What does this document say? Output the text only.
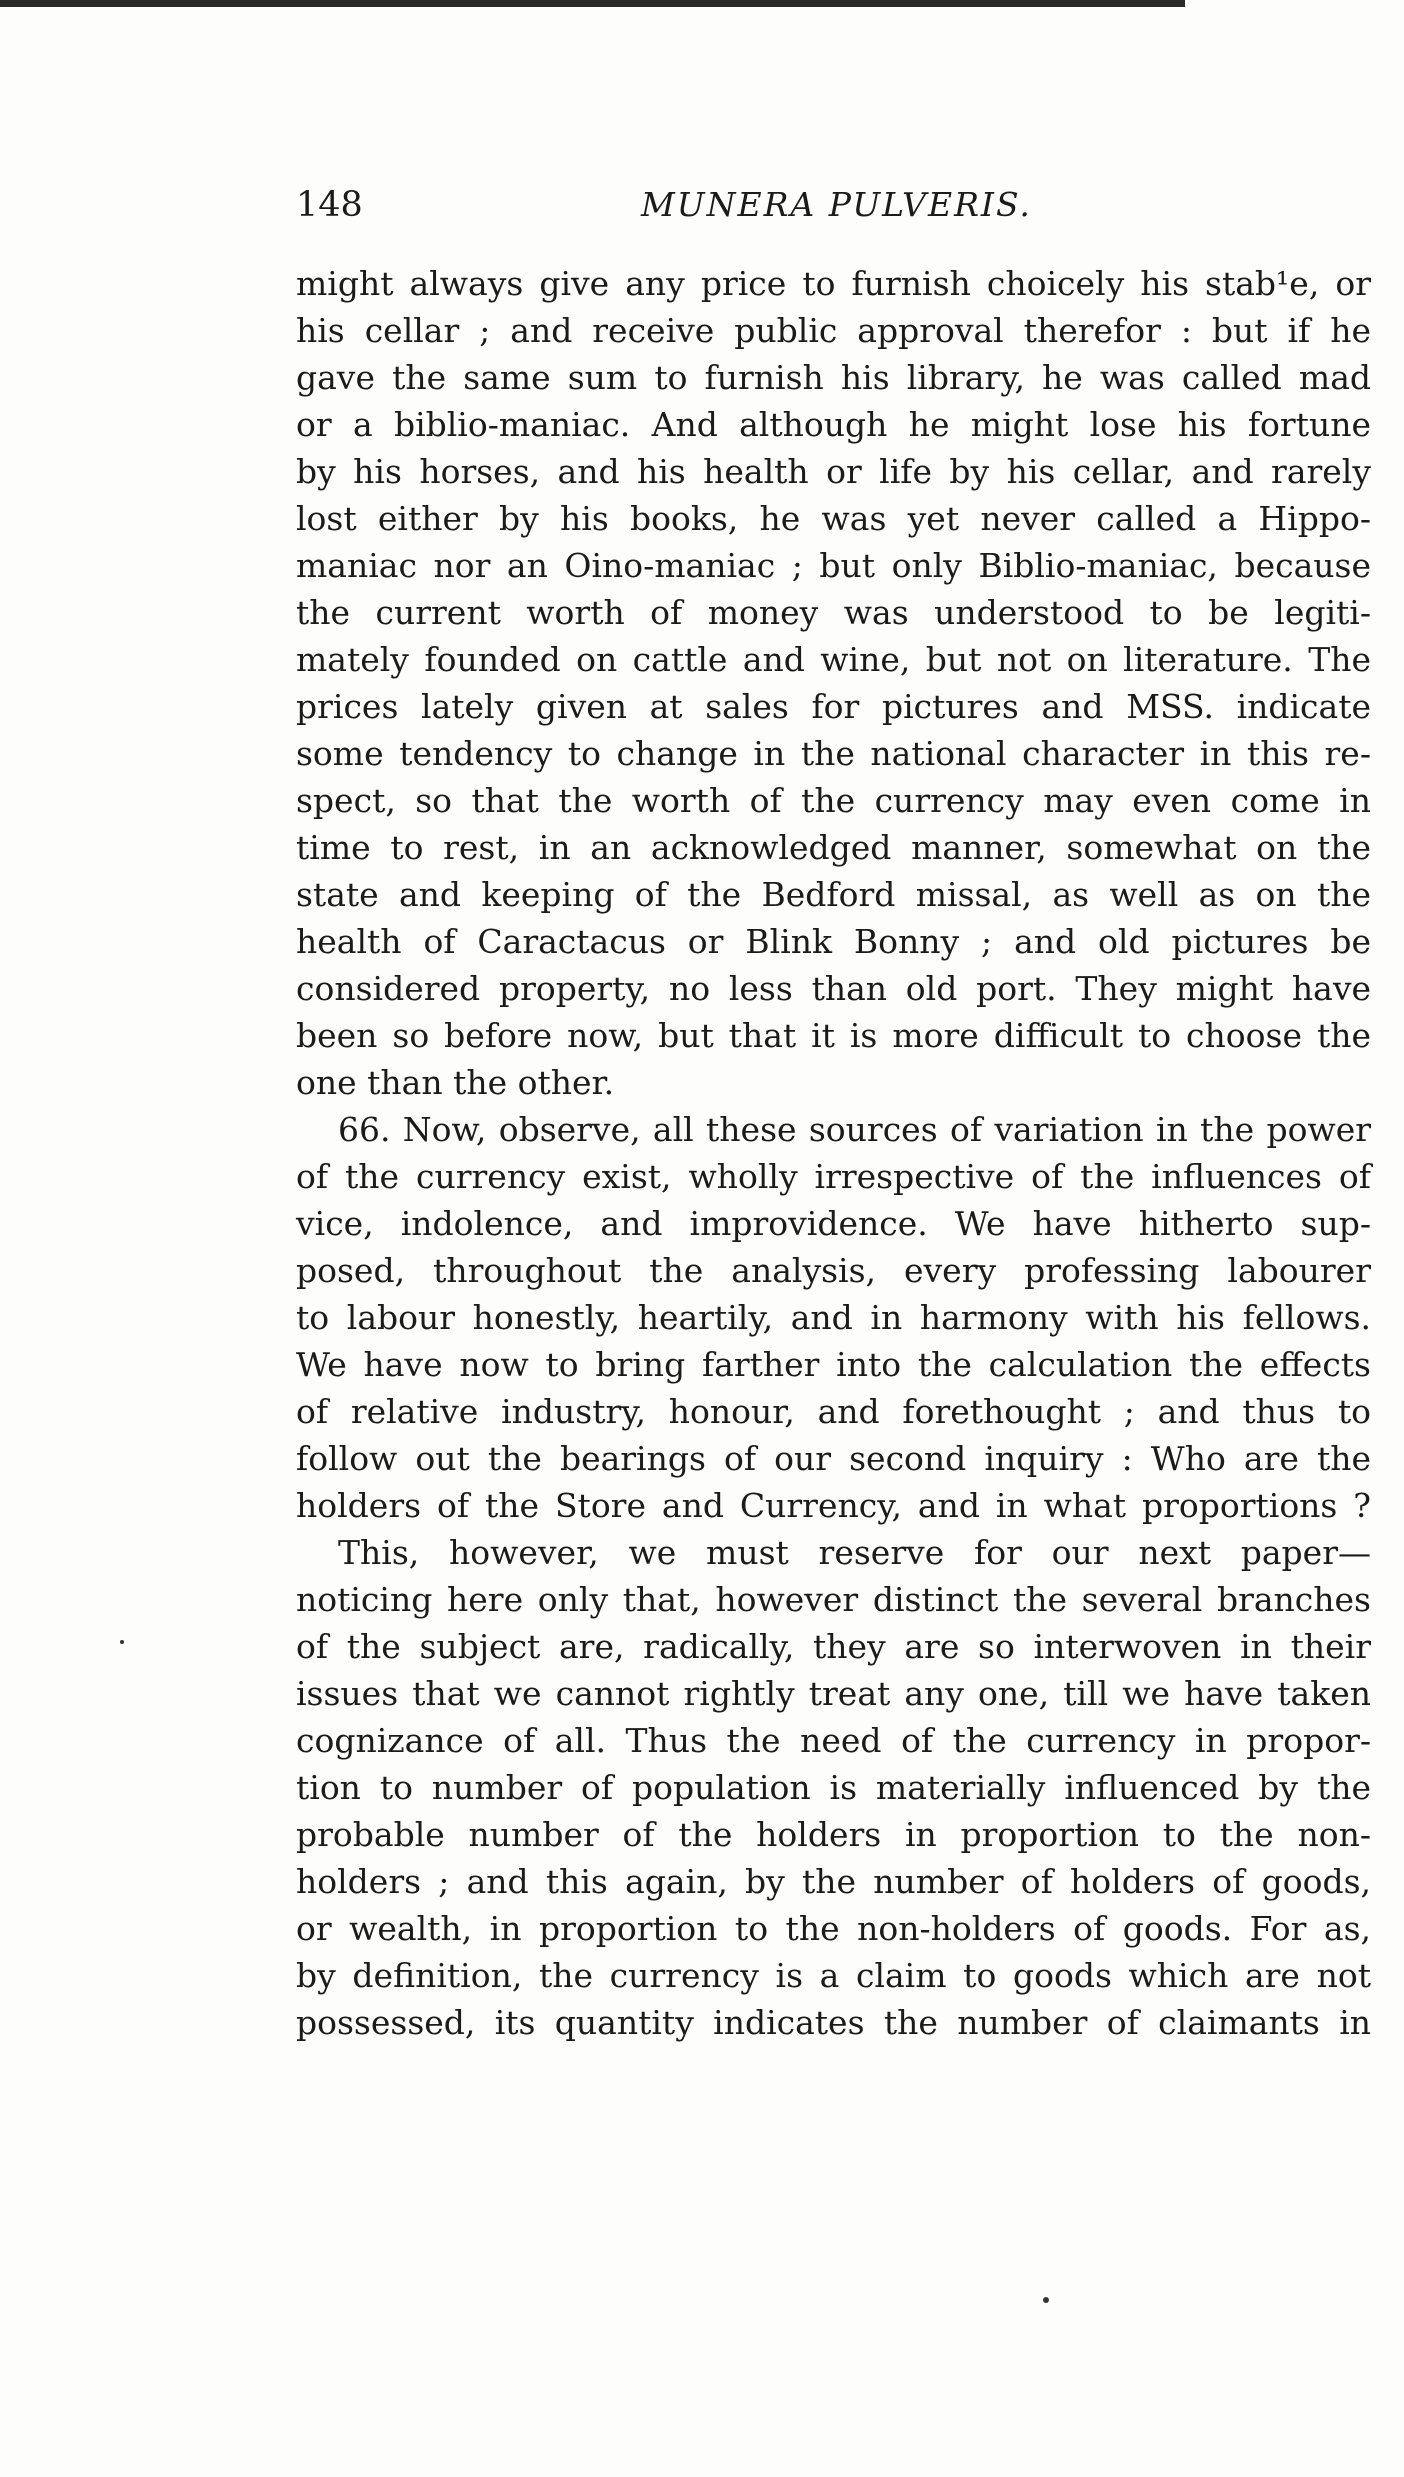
148	MUNERA PULVERIS.
might always give any price to furnish choicely his stab¹e, or
his cellar ; and receive public approval therefor : but if he
gave the same sum to furnish his library, he was called mad
or a biblio-maniac. And although he might lose his fortune
by his horses, and his health or life by his cellar, and rarely
lost either by his books, he was yet never called a Hippo-
maniac nor an Oino-maniac ; but only Biblio-maniac, because
the current worth of money was understood to be legiti-
mately founded on cattle and wine, but not on literature. The
prices lately given at sales for pictures and MSS. indicate
some tendency to change in the national character in this re-
spect, so that the worth of the currency may even come in
time to rest, in an acknowledged manner, somewhat on the
state and keeping of the Bedford missal, as well as on the
health of Caractacus or Blink Bonny ; and old pictures be
considered property, no less than old port. They might have
been so before now, but that it is more difficult to choose the
one than the other.
66. Now, observe, all these sources of variation in the power
of the currency exist, wholly irrespective of the influences of
vice, indolence, and improvidence. We have hitherto sup-
posed, throughout the analysis, every professing labourer
to labour honestly, heartily, and in harmony with his fellows.
We have now to bring farther into the calculation the effects
of relative industry, honour, and forethought ; and thus to
follow out the bearings of our second inquiry : Who are the
holders of the Store and Currency, and in what proportions ?
This, however, we must reserve for our next paper—
noticing here only that, however distinct the several branches
of the subject are, radically, they are so interwoven in their
issues that we cannot rightly treat any one, till we have taken
cognizance of all. Thus the need of the currency in propor-
tion to number of population is materially influenced by the
probable number of the holders in proportion to the non-
holders ; and this again, by the number of holders of goods,
or wealth, in proportion to the non-holders of goods. For as,
by definition, the currency is a claim to goods which are not
possessed, its quantity indicates the number of claimants in
